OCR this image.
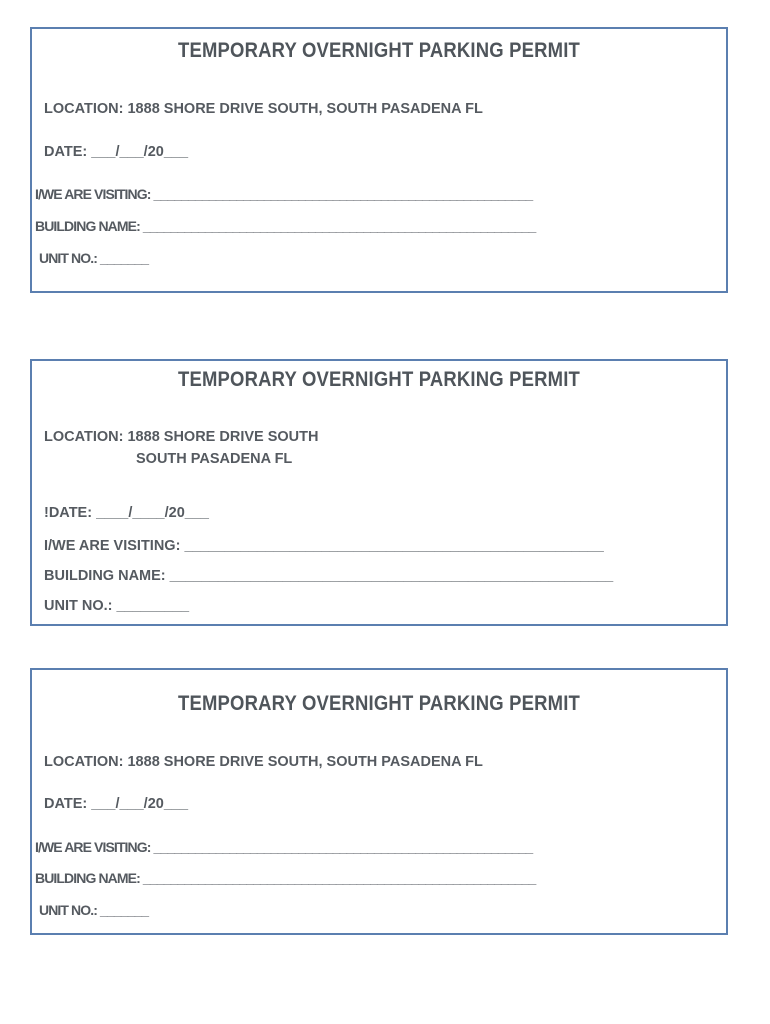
TEMPORARY OVERNIGHT PARKING PERMIT
LOCATION: 1888 SHORE DRIVE SOUTH, SOUTH PASADENA FL
DATE: ___/___/20___
I/WE ARE VISITING: _______________________________________________________
BUILDING NAME: _________________________________________________________
UNIT NO.: _______
TEMPORARY OVERNIGHT PARKING PERMIT
LOCATION: 1888 SHORE DRIVE SOUTH
SOUTH PASADENA FL
!DATE: ____/____/20___
I/WE ARE VISITING: ____________________________________________________
BUILDING NAME: _______________________________________________________
UNIT NO.: _________
TEMPORARY OVERNIGHT PARKING PERMIT
LOCATION: 1888 SHORE DRIVE SOUTH, SOUTH PASADENA FL
DATE: ___/___/20___
I/WE ARE VISITING: _______________________________________________________
BUILDING NAME: _________________________________________________________
UNIT NO.: _______
